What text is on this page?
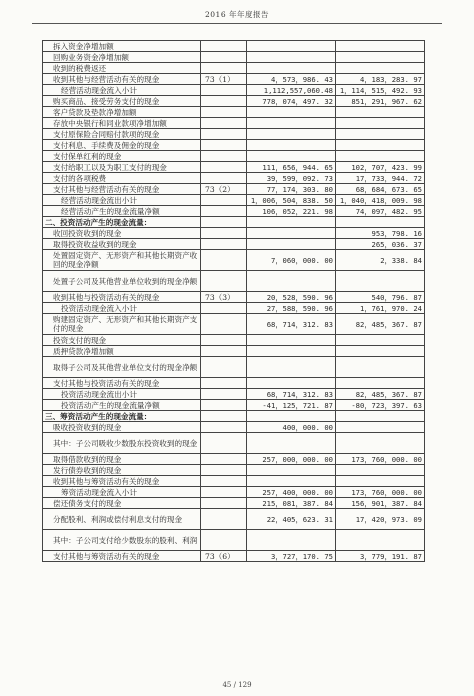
2016 年年度报告
拆入资金净增加额			
回购业务资金净增加额			
收到的税费返还			
收到其他与经营活动有关的现金	73（1）	4，573，986. 43	4，183，283. 97
经营活动现金流入小计		1,112,557,060.48	1，114，515，492. 93
购买商品、接受劳务支付的现金		778，074，497. 32	851，291，967. 62
客户贷款及垫款净增加额			
存放中央银行和同业款项净增加额			
支付原保险合同赔付款项的现金			
支付利息、手续费及佣金的现金			
支付保单红利的现金			
支付给职工以及为职工支付的现金		111，656，944. 65	102，707，423. 99
支付的各项税费		39，599，092. 73	17，733，944. 72
支付其他与经营活动有关的现金	73（2）	77，174，303. 80	68，684，673. 65
经营活动现金流出小计		1，006，504，838. 50	1，040，418，009. 98
经营活动产生的现金流量净额		106，052，221. 98	74，097，482. 95
二、投资活动产生的现金流量：			
收回投资收到的现金			953，798. 16
取得投资收益收到的现金			265，036. 37
处置固定资产、无形资产和其他长期资产收回的现金净额		7，060，000. 00	2，338. 84
处置子公司及其他营业单位收到的现金净额			
收到其他与投资活动有关的现金	73（3）	20，528，590. 96	540，796. 87
投资活动现金流入小计		27，588，590. 96	1，761，970. 24
购建固定资产、无形资产和其他长期资产支付的现金		68，714，312. 83	82，485，367. 87
投资支付的现金			
质押贷款净增加额			
取得子公司及其他营业单位支付的现金净额			
支付其他与投资活动有关的现金			
投资活动现金流出小计		68，714，312. 83	82，485，367. 87
投资活动产生的现金流量净额		-41，125，721. 87	-80，723，397. 63
三、筹资活动产生的现金流量：			
吸收投资收到的现金		400，000. 00	
其中：子公司吸收少数股东投资收到的现金			
取得借款收到的现金		257，000，000. 00	173，760，000. 00
发行债券收到的现金			
收到其他与筹资活动有关的现金			
筹资活动现金流入小计		257，400，000. 00	173，760，000. 00
偿还债务支付的现金		215，081，387. 84	156，901，387. 84
分配股利、利润或偿付利息支付的现金		22，405，623. 31	17，420，973. 09
其中：子公司支付给少数股东的股利、利润			
支付其他与筹资活动有关的现金	73（6）	3，727，170. 75	3，779，191. 87
45 / 129
